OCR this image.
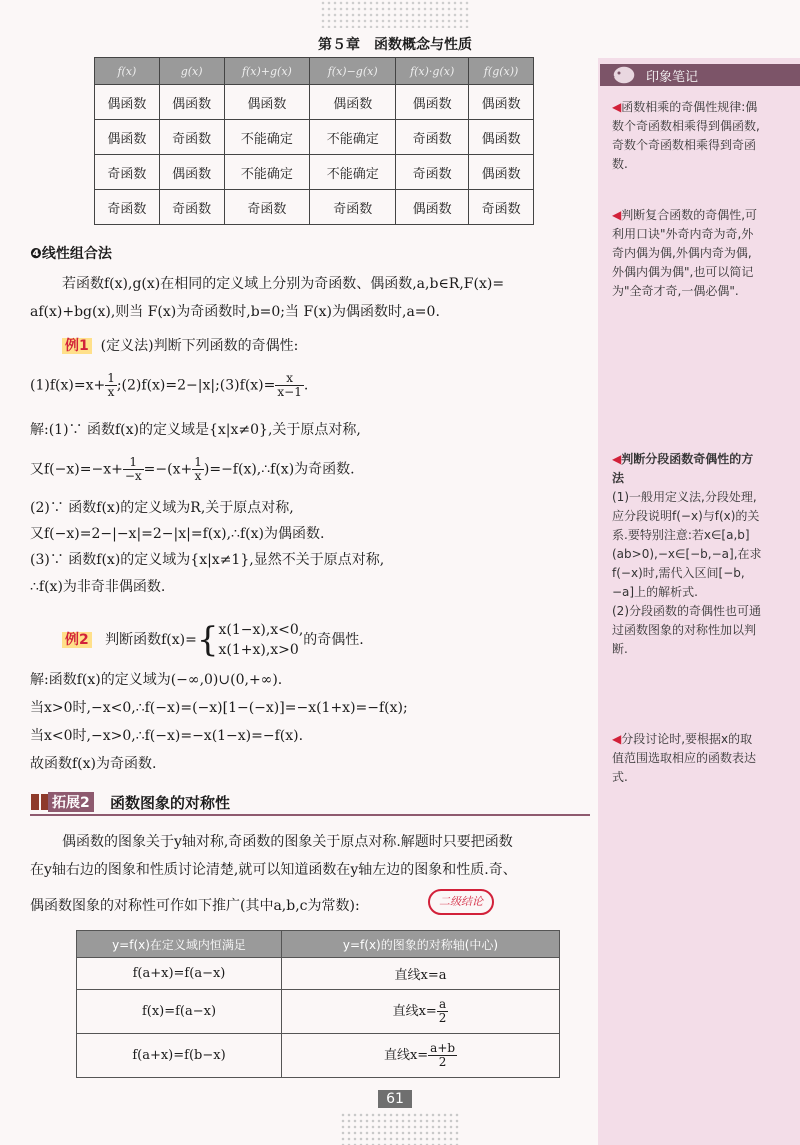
第５章　函数概念与性质
f(x)	g(x)	f(x)+g(x)	f(x)−g(x)	f(x)·g(x)	f(g(x))
偶函数	偶函数	偶函数	偶函数	偶函数	偶函数
偶函数	奇函数	不能确定	不能确定	奇函数	偶函数
奇函数	偶函数	不能确定	不能确定	奇函数	偶函数
奇函数	奇函数	奇函数	奇函数	偶函数	奇函数
印象笔记
◀函数相乘的奇偶性规律:偶数个奇函数相乘得到偶函数,奇数个奇函数相乘得到奇函数.
◀判断复合函数的奇偶性,可利用口诀"外奇内奇为奇,外奇内偶为偶,外偶内奇为偶,外偶内偶为偶",也可以简记为"全奇才奇,一偶必偶".
◀判断分段函数奇偶性的方法
(1)一般用定义法,分段处理,应分段说明f(−x)与f(x)的关系.要特别注意:若x∈[a,b](ab>0),−x∈[−b,−a],在求f(−x)时,需代入区间[−b,−a]上的解析式.
(2)分段函数的奇偶性也可通过函数图象的对称性加以判断.
◀分段讨论时,要根据x的取值范围选取相应的函数表达式.
❹线性组合法
若函数f(x),g(x)在相同的定义域上分别为奇函数、偶函数,a,b∈R,F(x)=
af(x)+bg(x),则当 F(x)为奇函数时,b=0;当 F(x)为偶函数时,a=0.
例1 (定义法)判断下列函数的奇偶性:
$(1)f(x)=x+ \frac{1}{x}$ ;(2)f(x)=2−|x|;(3)f(x)= $\frac{x}{x-1}$ .
解:(1)∵ 函数f(x)的定义域是{x|x≠0},关于原点对称,
又$f(-x)=-x+ \frac{1}{-x} =-(x+ \frac{1}{x}$ )=−f(x),∴f(x)为奇函数.
(2)∵ 函数f(x)的定义域为R,关于原点对称,
又f(−x)=2−|−x|=2−|x|=f(x),∴f(x)为偶函数.
(3)∵ 函数f(x)的定义域为{x|x≠1},显然不关于原点对称,
∴f(x)为非奇非偶函数.
例2 判断函数f(x)={x(1−x),x<0,
x(1+x),x>0的奇偶性.
解:函数f(x)的定义域为(−∞,0)∪(0,+∞).
当x>0时,−x<0,∴f(−x)=(−x)[1−(−x)]=−x(1+x)=−f(x);
当x<0时,−x>0,∴f(−x)=−x(1−x)=−f(x).
故函数f(x)为奇函数.
拓展2 函数图象的对称性
偶函数的图象关于y轴对称,奇函数的图象关于原点对称.解题时只要把函数
在y轴右边的图象和性质讨论清楚,就可以知道函数在y轴左边的图象和性质.奇、
偶函数图象的对称性可作如下推广(其中a,b,c为常数):	二级结论
y=f(x)在定义域内恒满足	y=f(x)的图象的对称轴(中心)
f(a+x)=f(a−x)	直线x=a
f(x)=f(a−x)	直线$x= \frac{a}{2}$

f(a+x)=f(b−x)	直线$x= \frac{a+b}{2}$
61
